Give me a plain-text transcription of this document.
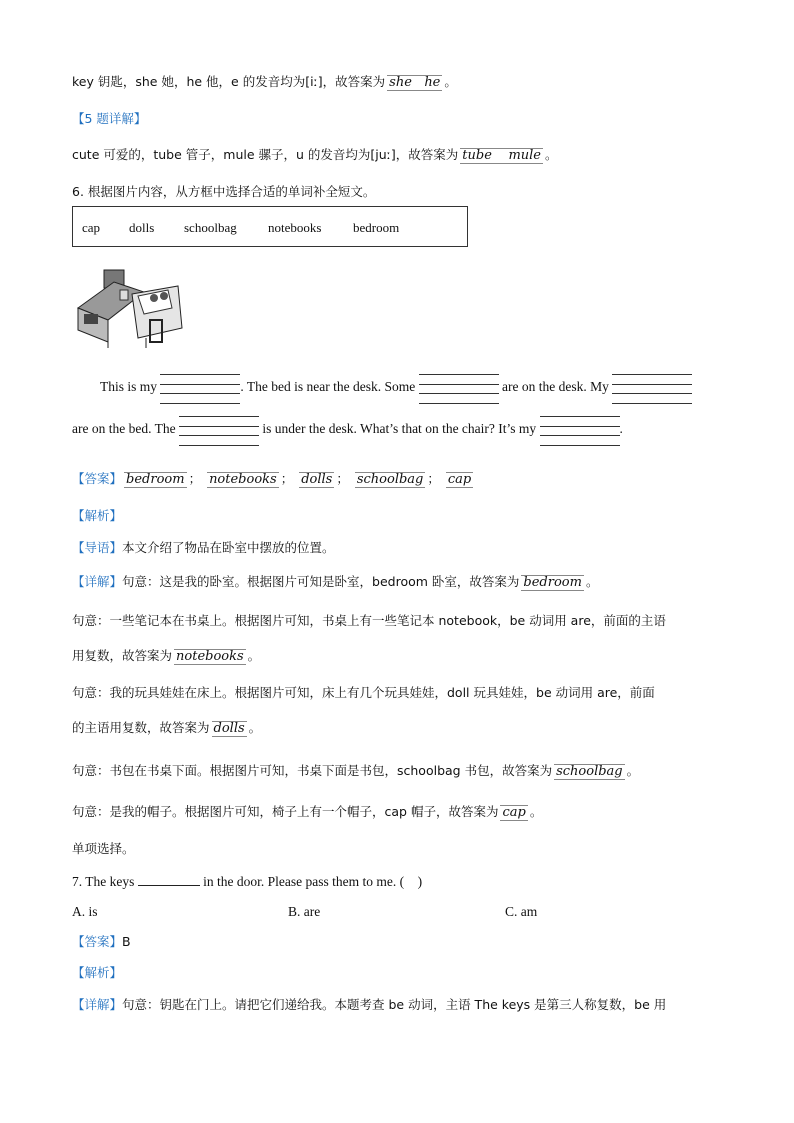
key 钥匙，she 她，he 他，e 的发音均为[iː]，故答案为 she he 。
【5 题详解】
cute 可爱的，tube 管子，mule 骡子，u 的发音均为[juː]，故答案为 tube mule 。
6. 根据图片内容，从方框中选择合适的单词补全短文。
cap dolls schoolbag notebooks bedroom
This is my	. The bed is near the desk. Some	are on the desk. My
are on the bed. The	is under the desk. What’s that on the chair? It’s my	.
【答案】 bedroom ； notebooks ； dolls ； schoolbag ； cap
【解析】
【导语】本文介绍了物品在卧室中摆放的位置。
【详解】句意：这是我的卧室。根据图片可知是卧室，bedroom 卧室，故答案为 bedroom 。
句意：一些笔记本在书桌上。根据图片可知，书桌上有一些笔记本 notebook，be 动词用 are，前面的主语
用复数，故答案为 notebooks 。
句意：我的玩具娃娃在床上。根据图片可知，床上有几个玩具娃娃，doll 玩具娃娃，be 动词用 are，前面
的主语用复数，故答案为 dolls 。
句意：书包在书桌下面。根据图片可知，书桌下面是书包，schoolbag 书包，故答案为 schoolbag 。
句意：是我的帽子。根据图片可知，椅子上有一个帽子，cap 帽子，故答案为 cap 。
单项选择。
7. The keys	in the door. Please pass them to me. ( )
A. is	B. are	C. am
【答案】B
【解析】
【详解】句意：钥匙在门上。请把它们递给我。本题考查 be 动词，主语 The keys 是第三人称复数，be 用
